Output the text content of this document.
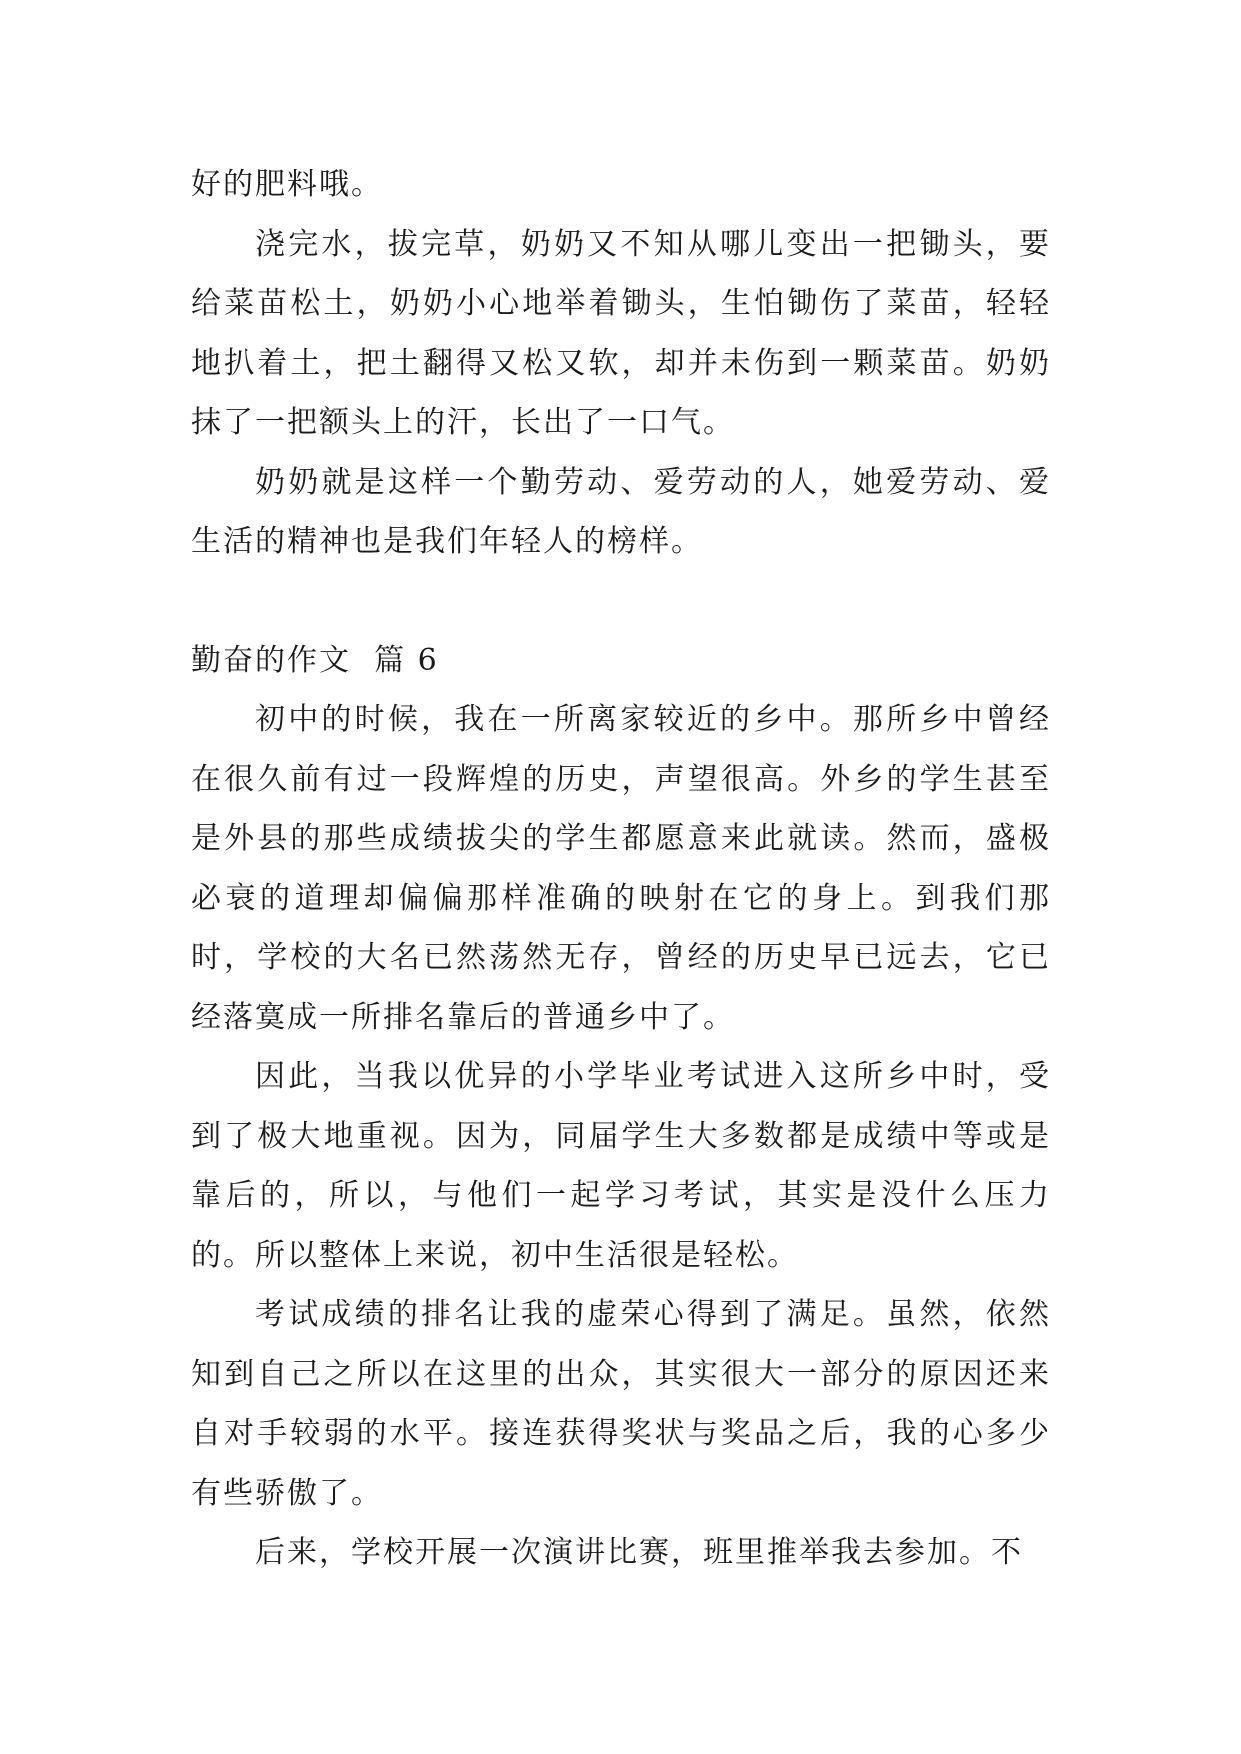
好的肥料哦。

浇完水，拔完草，奶奶又不知从哪儿变出一把锄头，要给菜苗松土，奶奶小心地举着锄头，生怕锄伤了菜苗，轻轻地扒着土，把土翻得又松又软，却并未伤到一颗菜苗。奶奶抹了一把额头上的汗，长出了一口气。

奶奶就是这样一个勤劳动、爱劳动的人，她爱劳动、爱生活的精神也是我们年轻人的榜样。

勤奋的作文  篇 6

初中的时候，我在一所离家较近的乡中。那所乡中曾经在很久前有过一段辉煌的历史，声望很高。外乡的学生甚至是外县的那些成绩拔尖的学生都愿意来此就读。然而，盛极必衰的道理却偏偏那样准确的映射在它的身上。到我们那时，学校的大名已然荡然无存，曾经的历史早已远去，它已经落寞成一所排名靠后的普通乡中了。

因此，当我以优异的小学毕业考试进入这所乡中时，受到了极大地重视。因为，同届学生大多数都是成绩中等或是靠后的，所以，与他们一起学习考试，其实是没什么压力的。所以整体上来说，初中生活很是轻松。

考试成绩的排名让我的虚荣心得到了满足。虽然，依然知到自己之所以在这里的出众，其实很大一部分的原因还来自对手较弱的水平。接连获得奖状与奖品之后，我的心多少有些骄傲了。

后来，学校开展一次演讲比赛，班里推举我去参加。不
